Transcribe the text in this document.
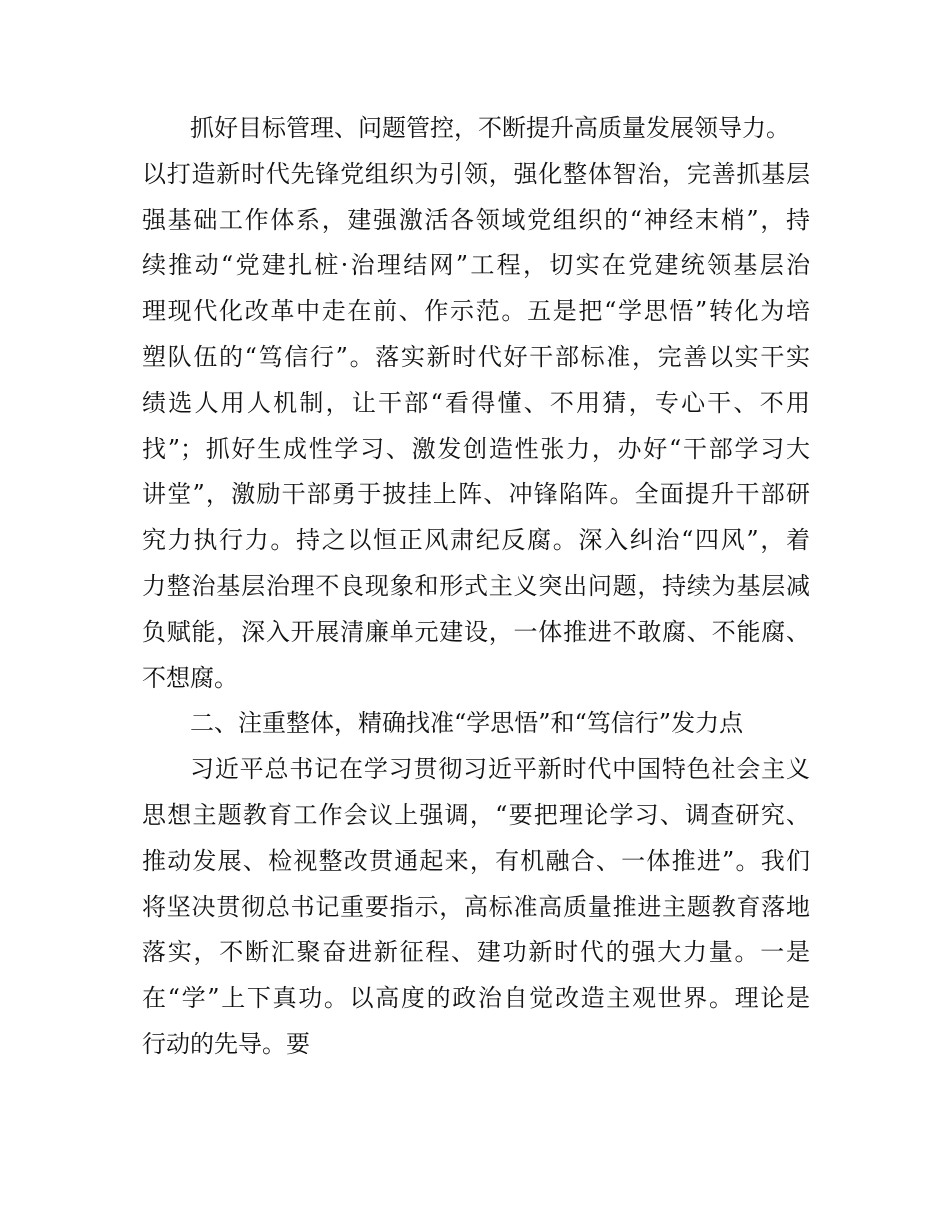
抓好目标管理、问题管控，不断提升高质量发展领导力。
以打造新时代先锋党组织为引领，强化整体智治，完善抓基层
强基础工作体系，建强激活各领域党组织的“神经末梢”，持
续推动“党建扎桩·治理结网”工程，切实在党建统领基层治
理现代化改革中走在前、作示范。五是把“学思悟”转化为培
塑队伍的“笃信行”。落实新时代好干部标准，完善以实干实
绩选人用人机制，让干部“看得懂、不用猜，专心干、不用
找”；抓好生成性学习、激发创造性张力，办好“干部学习大
讲堂”，激励干部勇于披挂上阵、冲锋陷阵。全面提升干部研
究力执行力。持之以恒正风肃纪反腐。深入纠治“四风”，着
力整治基层治理不良现象和形式主义突出问题，持续为基层减
负赋能，深入开展清廉单元建设，一体推进不敢腐、不能腐、
不想腐。
二、注重整体，精确找准“学思悟”和“笃信行”发力点
习近平总书记在学习贯彻习近平新时代中国特色社会主义
思想主题教育工作会议上强调，“要把理论学习、调查研究、
推动发展、检视整改贯通起来，有机融合、一体推进”。我们
将坚决贯彻总书记重要指示，高标准高质量推进主题教育落地
落实，不断汇聚奋进新征程、建功新时代的强大力量。一是
在“学”上下真功。以高度的政治自觉改造主观世界。理论是
行动的先导。要
